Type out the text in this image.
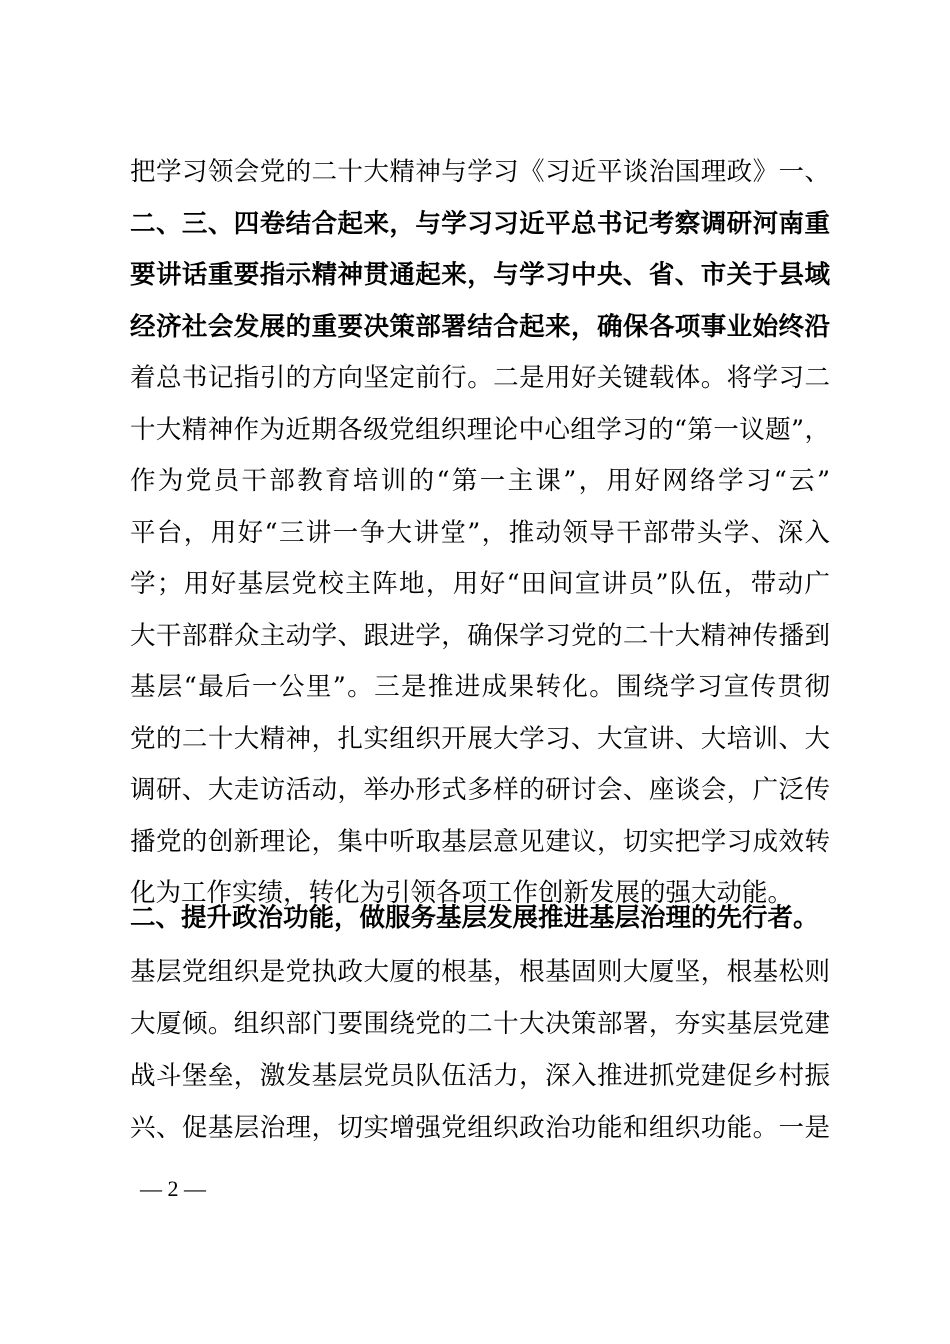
把学习领会党的二十大精神与学习《习近平谈治国理政》一、
二、三、四卷结合起来，与学习习近平总书记考察调研河南重
要讲话重要指示精神贯通起来，与学习中央、省、市关于县域
经济社会发展的重要决策部署结合起来，确保各项事业始终沿
着总书记指引的方向坚定前行。二是用好关键载体。将学习二
十大精神作为近期各级党组织理论中心组学习的“第一议题”，
作为党员干部教育培训的“第一主课”，用好网络学习“云”
平台，用好“三讲一争大讲堂”，推动领导干部带头学、深入
学；用好基层党校主阵地，用好“田间宣讲员”队伍，带动广
大干部群众主动学、跟进学，确保学习党的二十大精神传播到
基层“最后一公里”。三是推进成果转化。围绕学习宣传贯彻
党的二十大精神，扎实组织开展大学习、大宣讲、大培训、大
调研、大走访活动，举办形式多样的研讨会、座谈会，广泛传
播党的创新理论，集中听取基层意见建议，切实把学习成效转
化为工作实绩，转化为引领各项工作创新发展的强大动能。
二、提升政治功能，做服务基层发展推进基层治理的先行者。
基层党组织是党执政大厦的根基，根基固则大厦坚，根基松则
大厦倾。组织部门要围绕党的二十大决策部署，夯实基层党建
战斗堡垒，激发基层党员队伍活力，深入推进抓党建促乡村振
兴、促基层治理，切实增强党组织政治功能和组织功能。一是
— 2 —
